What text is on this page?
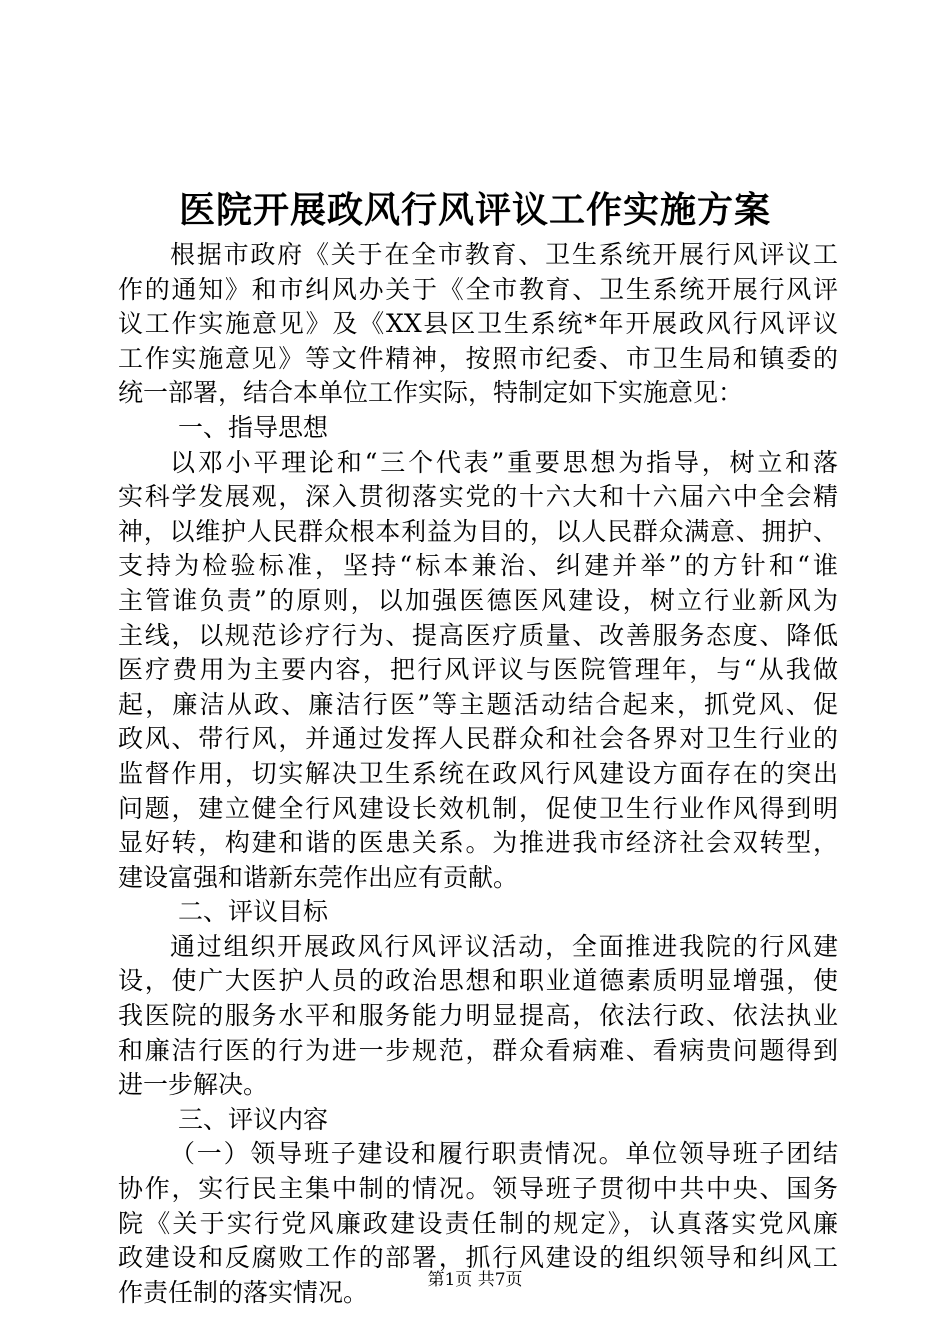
医院开展政风行风评议工作实施方案
根据市政府《关于在全市教育、卫生系统开展行风评议工
作的通知》和市纠风办关于《全市教育、卫生系统开展行风评
议工作实施意见》及《XX县区卫生系统*年开展政风行风评议
工作实施意见》等文件精神，按照市纪委、市卫生局和镇委的
统一部署，结合本单位工作实际，特制定如下实施意见：
一、指导思想
以邓小平理论和“三个代表”重要思想为指导，树立和落
实科学发展观，深入贯彻落实党的十六大和十六届六中全会精
神，以维护人民群众根本利益为目的，以人民群众满意、拥护、
支持为检验标准，坚持“标本兼治、纠建并举”的方针和“谁
主管谁负责”的原则，以加强医德医风建设，树立行业新风为
主线，以规范诊疗行为、提高医疗质量、改善服务态度、降低
医疗费用为主要内容，把行风评议与医院管理年，与“从我做
起，廉洁从政、廉洁行医”等主题活动结合起来，抓党风、促
政风、带行风，并通过发挥人民群众和社会各界对卫生行业的
监督作用，切实解决卫生系统在政风行风建设方面存在的突出
问题，建立健全行风建设长效机制，促使卫生行业作风得到明
显好转，构建和谐的医患关系。为推进我市经济社会双转型，
建设富强和谐新东莞作出应有贡献。
二、评议目标
通过组织开展政风行风评议活动，全面推进我院的行风建
设，使广大医护人员的政治思想和职业道德素质明显增强，使
我医院的服务水平和服务能力明显提高，依法行政、依法执业
和廉洁行医的行为进一步规范，群众看病难、看病贵问题得到
进一步解决。
三、评议内容
（一）领导班子建设和履行职责情况。单位领导班子团结
协作，实行民主集中制的情况。领导班子贯彻中共中央、国务
院《关于实行党风廉政建设责任制的规定》，认真落实党风廉
政建设和反腐败工作的部署，抓行风建设的组织领导和纠风工
作责任制的落实情况。	第1页 共7页
